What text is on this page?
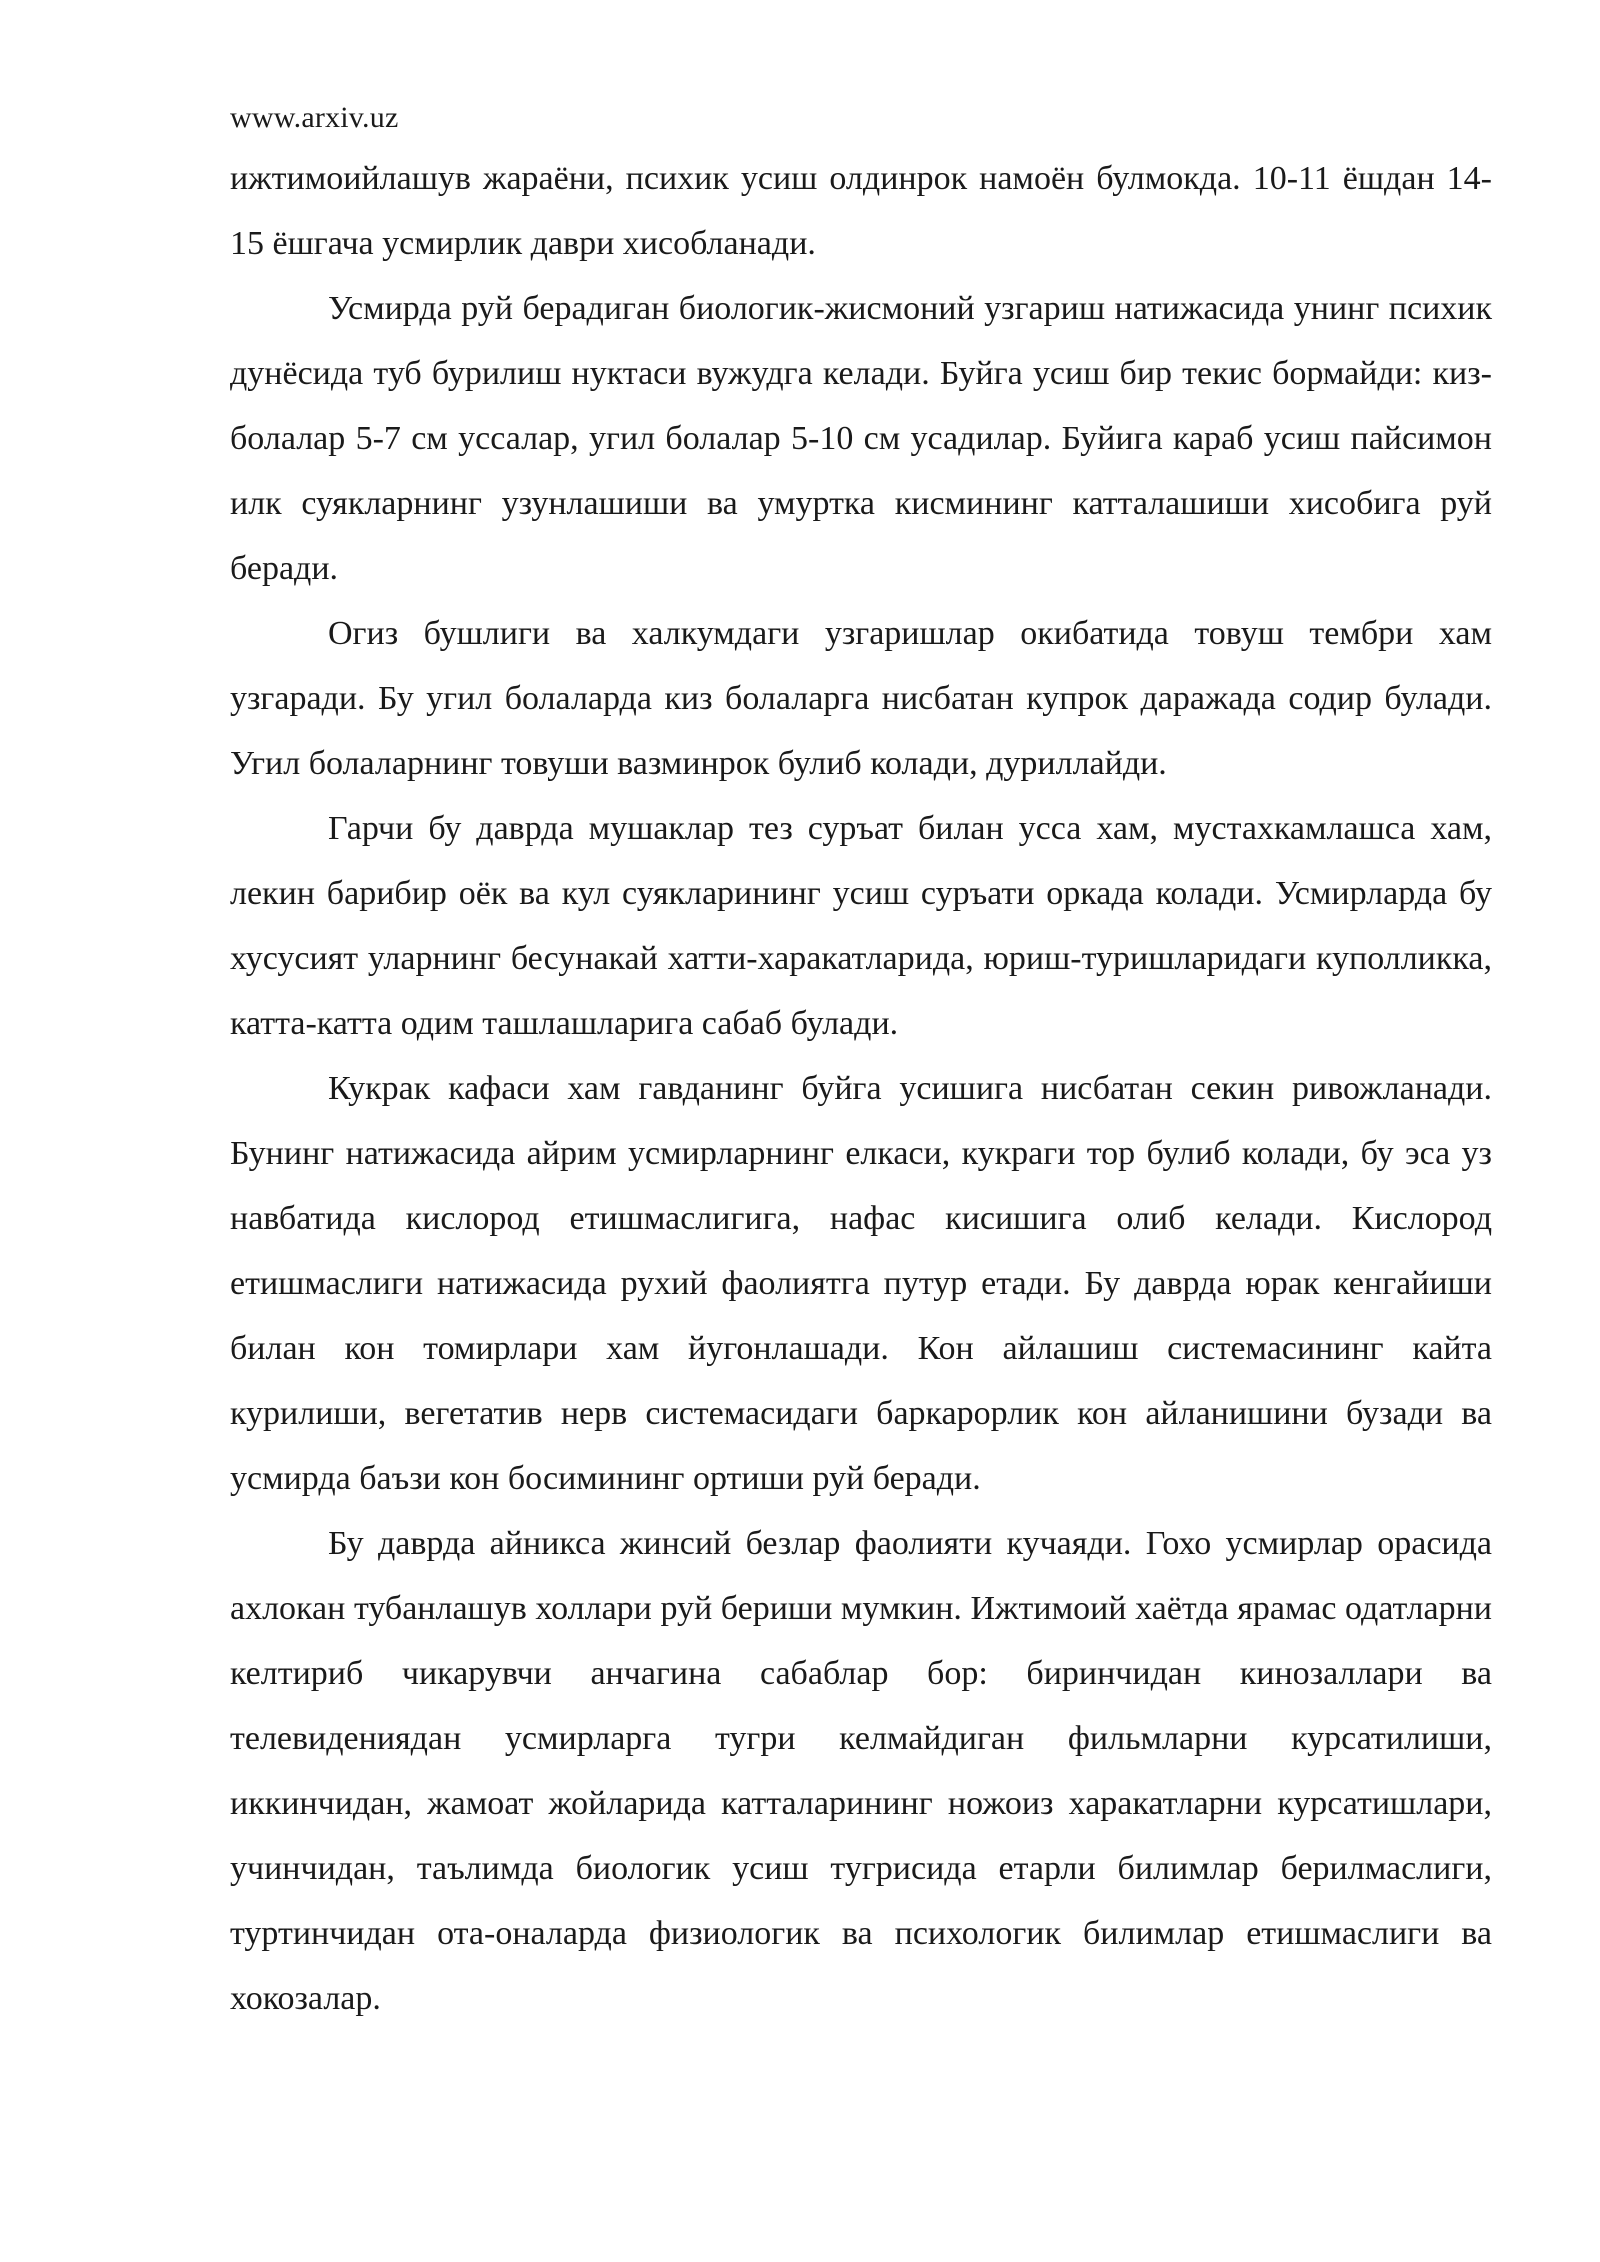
www.arxiv.uz

ижтимоийлашув жараёни, психик усиш олдинрок намоён булмокда. 10-11 ёшдан 14-15 ёшгача усмирлик даври хисобланади.

Усмирда руй берадиган биологик-жисмоний узгариш натижасида унинг психик дунёсида туб бурилиш нуктаси вужудга келади. Буйга усиш бир текис бормайди: киз-болалар 5-7 см уссалар, угил болалар 5-10 см усадилар. Буйига караб усиш пайсимон илк суякларнинг узунлашиши ва умуртка кисмининг катталашиши хисобига руй беради.

Огиз бушлиги ва халкумдаги узгаришлар окибатида товуш тембри хам узгаради. Бу угил болаларда киз болаларга нисбатан купрок даражада содир булади. Угил болаларнинг товуши вазминрок булиб колади, дуриллайди.

Гарчи бу даврда мушаклар тез суръат билан усса хам, мустахкамлашса хам, лекин барибир оёк ва кул суякларининг усиш суръати оркада колади. Усмирларда бу хусусият уларнинг бесунакай хатти-харакатларида, юриш-туришларидаги куполликка, катта-катта одим ташлашларига сабаб булади.

Кукрак кафаси хам гавданинг буйга усишига нисбатан секин ривожланади. Бунинг натижасида айрим усмирларнинг елкаси, кукраги тор булиб колади, бу эса уз навбатида кислород етишмаслигига, нафас кисишига олиб келади. Кислород етишмаслиги натижасида рухий фаолиятга путур етади. Бу даврда юрак кенгайиши билан кон томирлари хам йугонлашади. Кон айлашиш системасининг кайта курилиши, вегетатив нерв системасидаги баркарорлик кон айланишини бузади ва усмирда баъзи кон босимининг ортиши руй беради.

Бу даврда айникса жинсий безлар фаолияти кучаяди. Гохо усмирлар орасида ахлокан тубанлашув холлари руй бериши мумкин. Ижтимоий хаётда ярамас одатларни келтириб чикарувчи анчагина сабаблар бор: биринчидан кинозаллари ва телевидениядан усмирларга тугри келмайдиган фильмларни курсатилиши, иккинчидан, жамоат жойларида катталарининг ножоиз харакатларни курсатишлари, учинчидан, таълимда биологик усиш тугрисида етарли билимлар берилмаслиги, туртинчидан ота-оналарда физиологик ва психологик билимлар етишмаслиги ва хокозалар.
